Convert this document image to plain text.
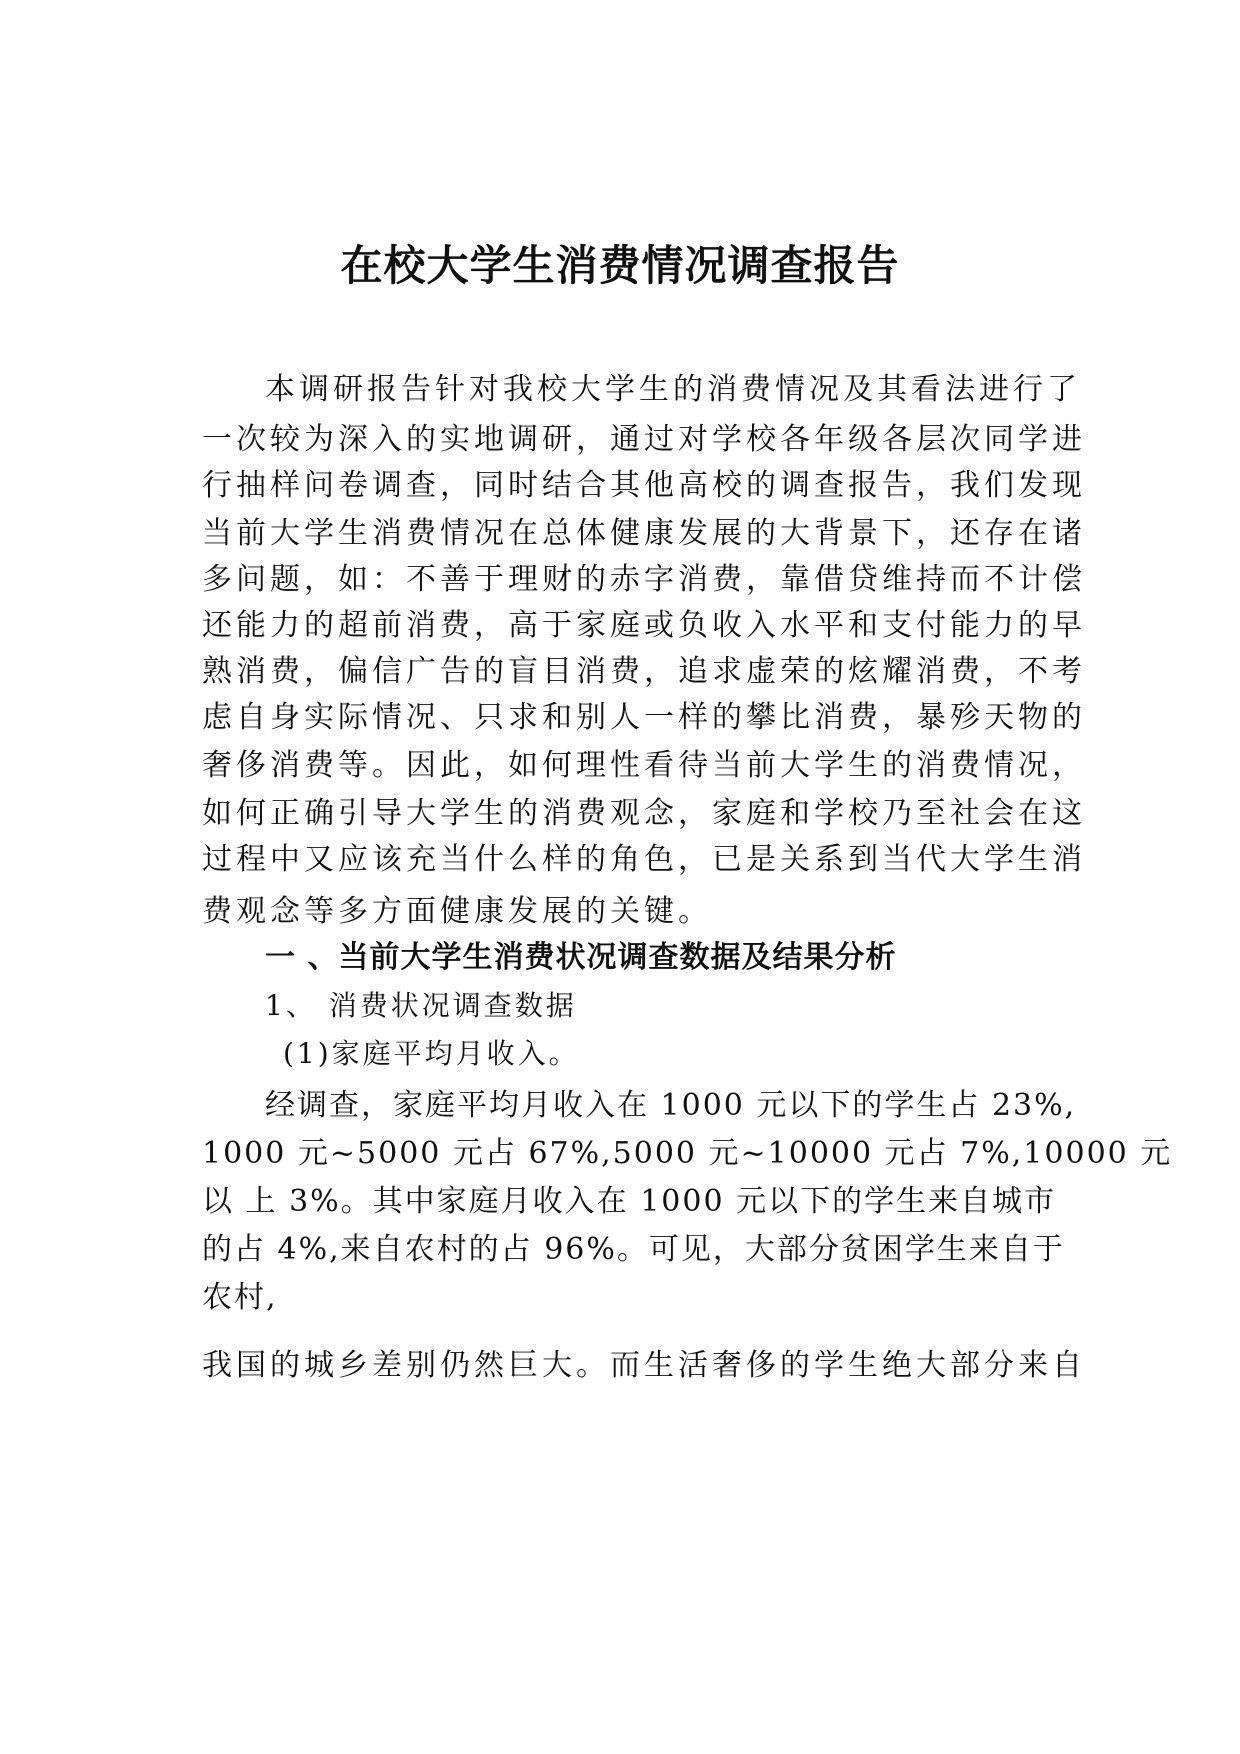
在校大学生消费情况调查报告
本调研报告针对我校大学生的消费情况及其看法进行了
一次较为深入的实地调研，通过对学校各年级各层次同学进
行抽样问卷调查，同时结合其他高校的调查报告，我们发现
当前大学生消费情况在总体健康发展的大背景下，还存在诸
多问题，如：不善于理财的赤字消费，靠借贷维持而不计偿
还能力的超前消费，高于家庭或负收入水平和支付能力的早
熟消费，偏信广告的盲目消费，追求虚荣的炫耀消费，不考
虑自身实际情况、只求和别人一样的攀比消费，暴殄天物的
奢侈消费等。因此，如何理性看待当前大学生的消费情况，
如何正确引导大学生的消费观念，家庭和学校乃至社会在这
过程中又应该充当什么样的角色，已是关系到当代大学生消
费观念等多方面健康发展的关键。
一 、当前大学生消费状况调查数据及结果分析
1、 消费状况调查数据
(1)家庭平均月收入。
经调查，家庭平均月收入在 1000 元以下的学生占 23%,
1000 元~5000 元占 67%,5000 元~10000 元占 7%,10000 元
以 上 3%。其中家庭月收入在 1000 元以下的学生来自城市
的占 4%,来自农村的占 96%。可见，大部分贫困学生来自于
农村,
我国的城乡差别仍然巨大。而生活奢侈的学生绝大部分来自
